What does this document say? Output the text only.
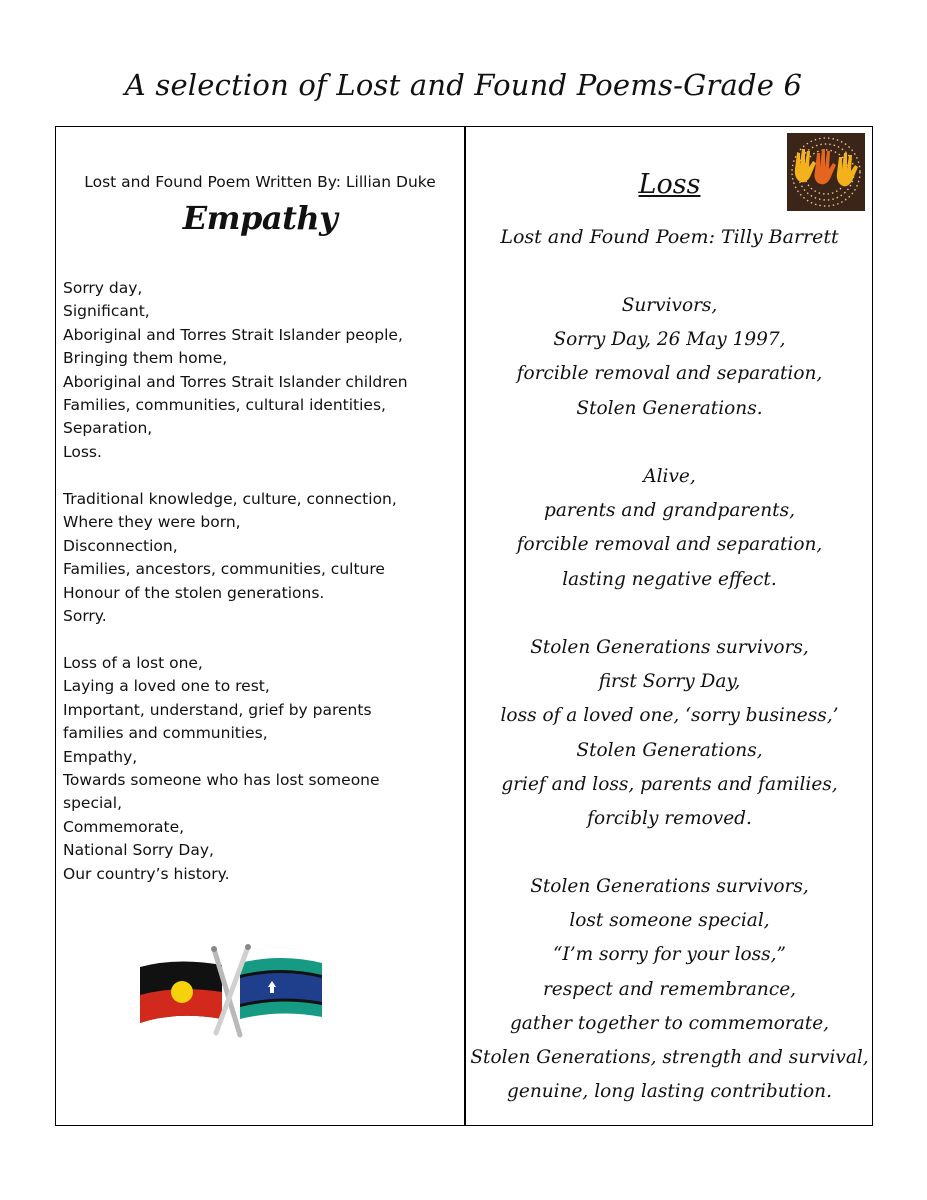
A selection of Lost and Found Poems-Grade 6
Lost and Found Poem Written By: Lillian Duke
Empathy
Sorry day,
Significant,
Aboriginal and Torres Strait Islander people,
Bringing them home,
Aboriginal and Torres Strait Islander children
Families, communities, cultural identities,
Separation,
Loss.
Traditional knowledge, culture, connection,
Where they were born,
Disconnection,
Families, ancestors, communities, culture
Honour of the stolen generations.
Sorry.
Loss of a lost one,
Laying a loved one to rest,
Important, understand, grief by parents
families and communities,
Empathy,
Towards someone who has lost someone
special,
Commemorate,
National Sorry Day,
Our country’s history.
Loss
Lost and Found Poem: Tilly Barrett
Survivors,
Sorry Day, 26 May 1997,
forcible removal and separation,
Stolen Generations.
Alive,
parents and grandparents,
forcible removal and separation,
lasting negative effect.
Stolen Generations survivors,
first Sorry Day,
loss of a loved one, ‘sorry business,’
Stolen Generations,
grief and loss, parents and families,
forcibly removed.
Stolen Generations survivors,
lost someone special,
“I’m sorry for your loss,”
respect and remembrance,
gather together to commemorate,
Stolen Generations, strength and survival,
genuine, long lasting contribution.
